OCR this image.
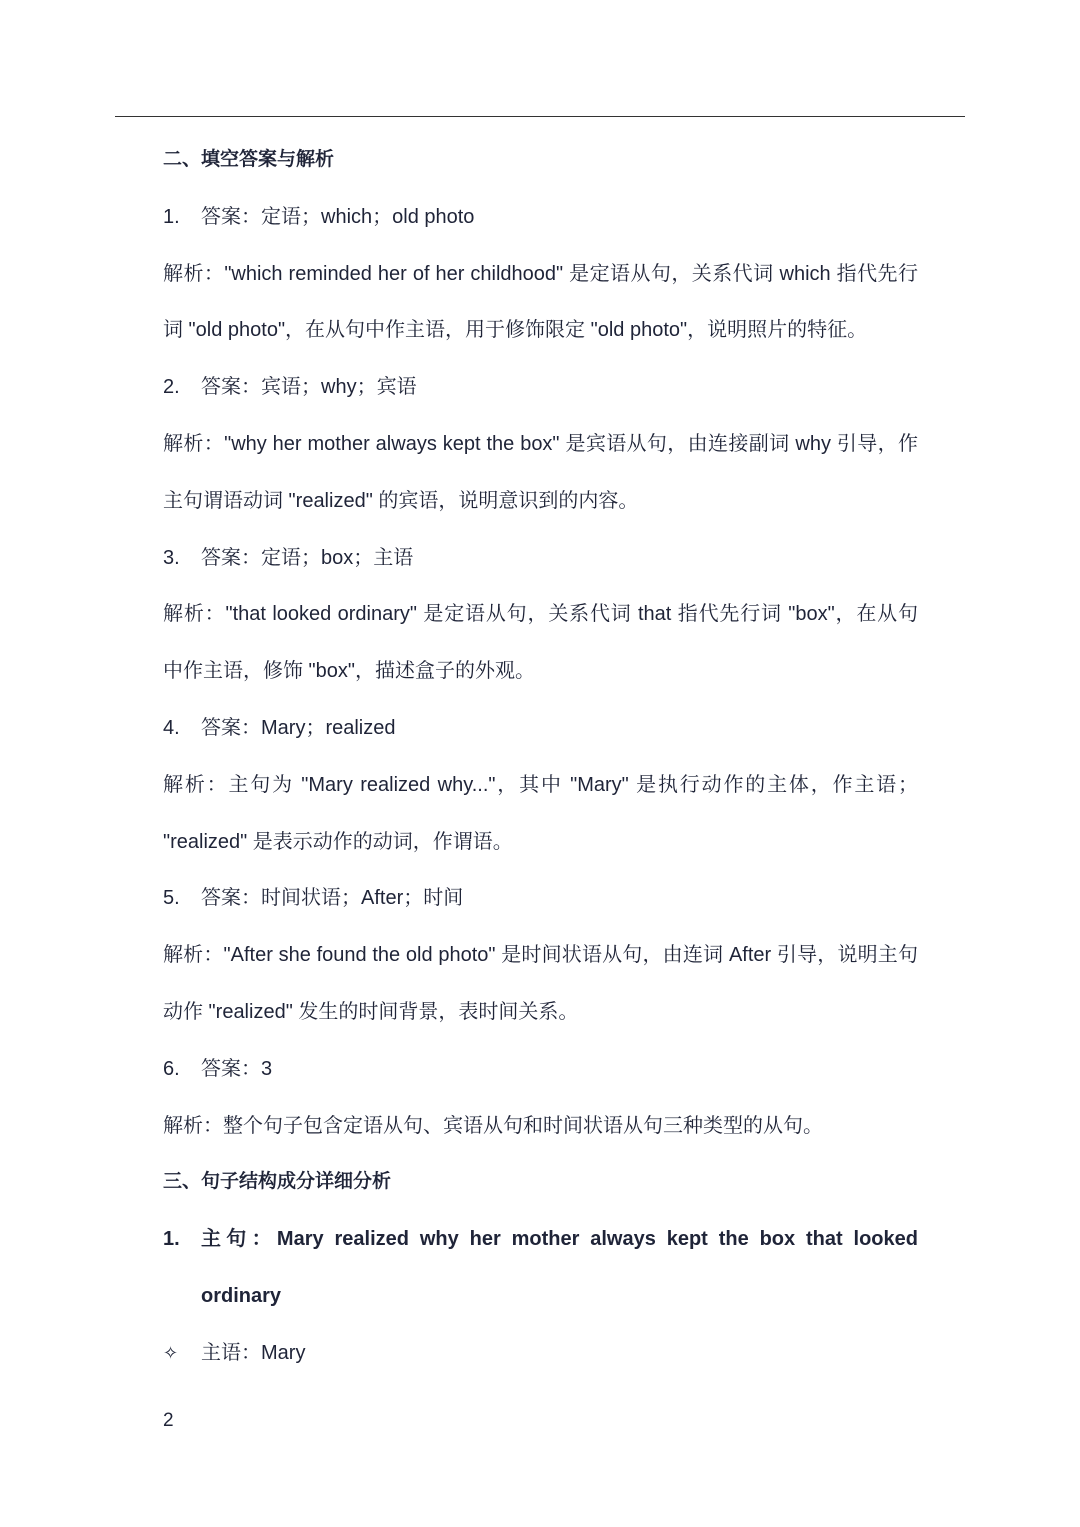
二、填空答案与解析
1.	答案：定语；which；old photo
解析："which reminded her of her childhood" 是定语从句，关系代词 which 指代先行
词 "old photo"，在从句中作主语，用于修饰限定 "old photo"，说明照片的特征。
2.	答案：宾语；why；宾语
解析："why her mother always kept the box" 是宾语从句，由连接副词 why 引导，作
主句谓语动词 "realized" 的宾语，说明意识到的内容。
3.	答案：定语；box；主语
解析："that looked ordinary" 是定语从句，关系代词 that 指代先行词 "box"，在从句
中作主语，修饰 "box"，描述盒子的外观。
4.	答案：Mary；realized
解析：主句为 "Mary realized why..."，其中 "Mary" 是执行动作的主体，作主语；
"realized" 是表示动作的动词，作谓语。
5.	答案：时间状语；After；时间
解析："After she found the old photo" 是时间状语从句，由连词 After 引导，说明主句
动作 "realized" 发生的时间背景，表时间关系。
6.	答案：3
解析：整个句子包含定语从句、宾语从句和时间状语从句三种类型的从句。
三、句子结构成分详细分析
1.	主句：Mary realized why her mother always kept the box that looked
ordinary
✧	主语：Mary
2
